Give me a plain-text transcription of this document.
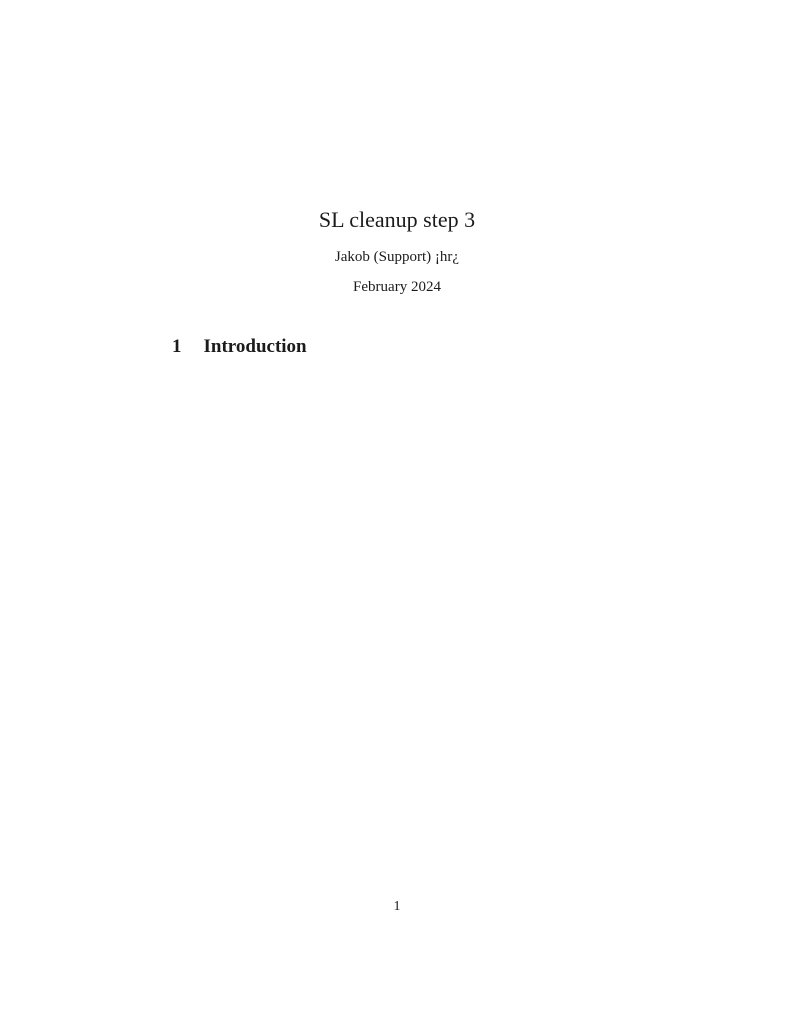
SL cleanup step 3

Jakob (Support) ¡hr¿

February 2024

1 Introduction
1
